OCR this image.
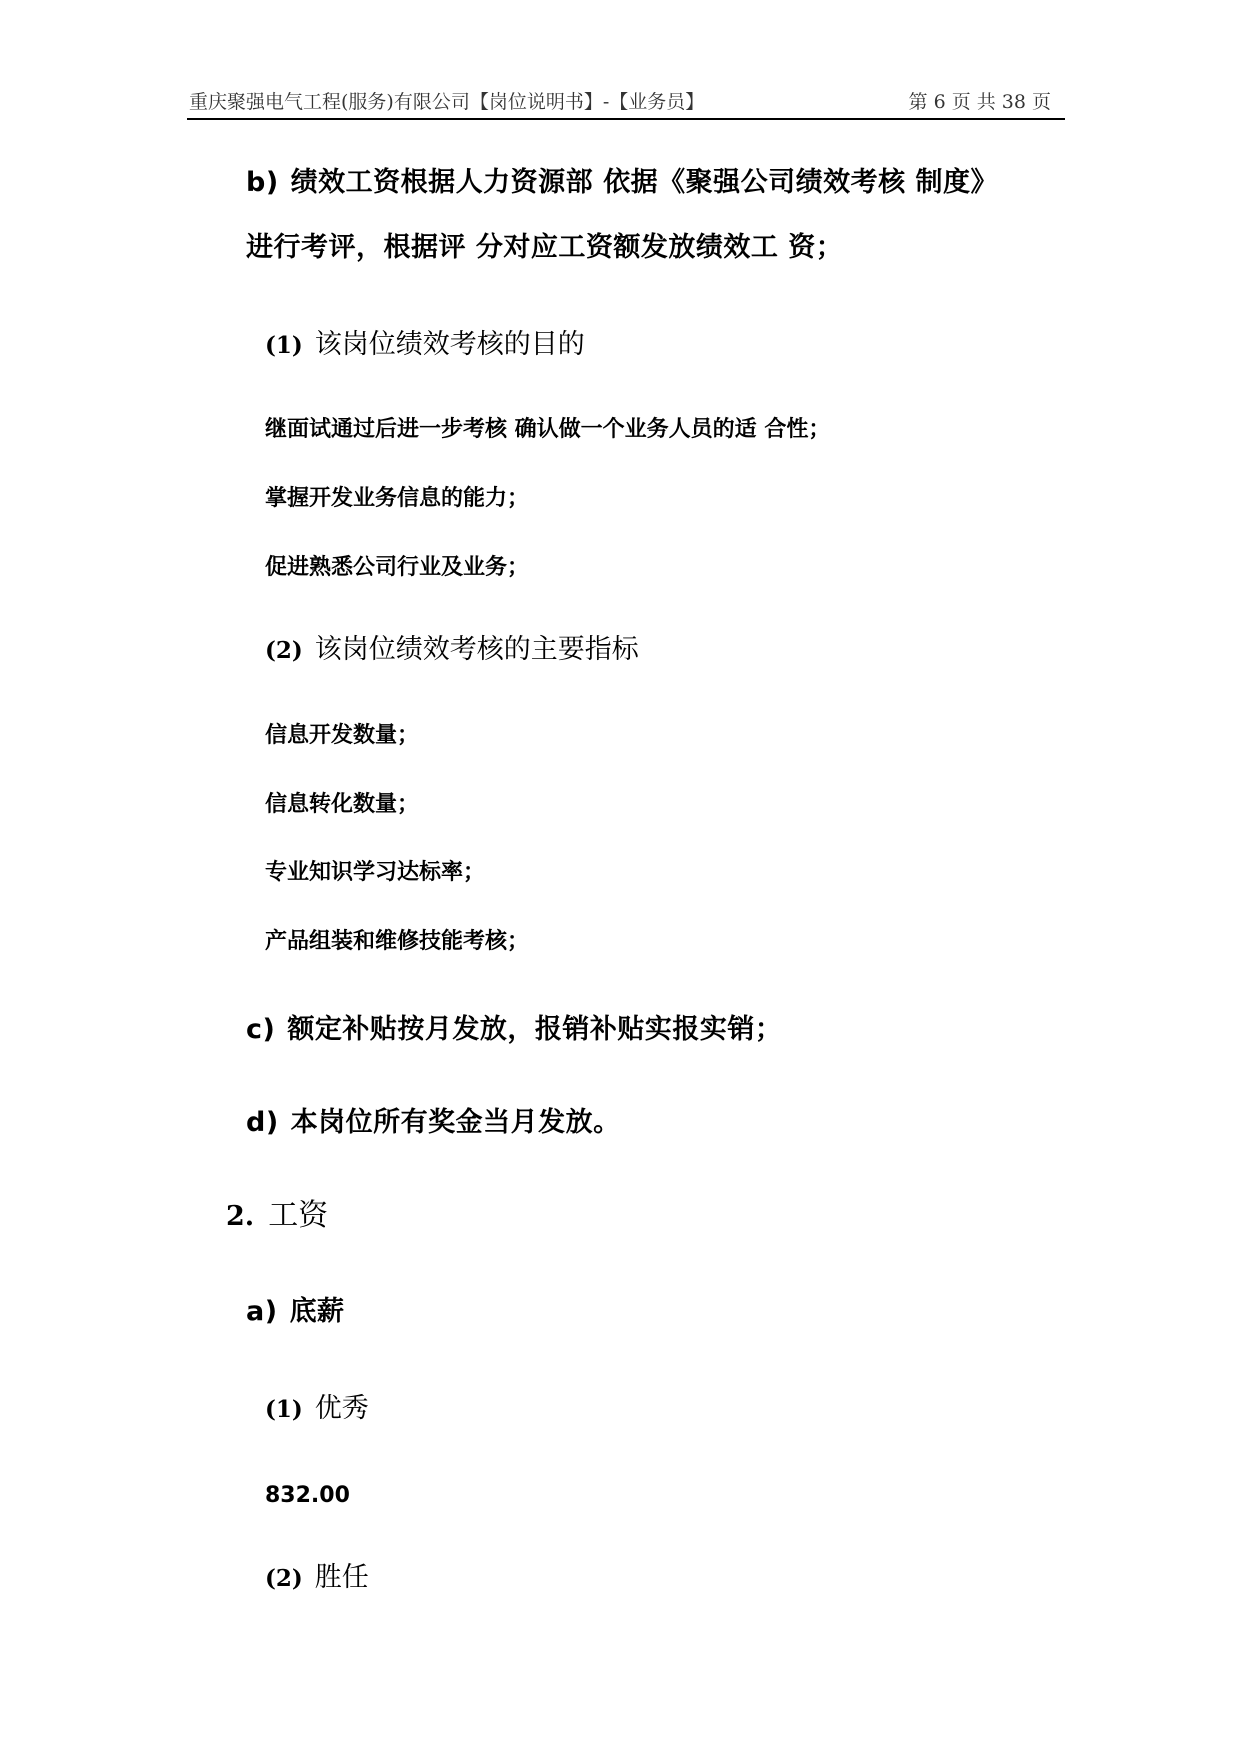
重庆聚强电气工程(服务)有限公司【岗位说明书】-【业务员】	第 6 页 共 38 页
b) 绩效工资根据人力资源部 依据《聚强公司绩效考核 制度》
进行考评，根据评 分对应工资额发放绩效工 资；
(1) 该岗位绩效考核的目的
继面试通过后进一步考核 确认做一个业务人员的适 合性；
掌握开发业务信息的能力；
促进熟悉公司行业及业务；
(2) 该岗位绩效考核的主要指标
信息开发数量；
信息转化数量；
专业知识学习达标率；
产品组装和维修技能考核；
c) 额定补贴按月发放，报销补贴实报实销；
d) 本岗位所有奖金当月发放。
2. 工资
a) 底薪
(1) 优秀
832.00
(2) 胜任
